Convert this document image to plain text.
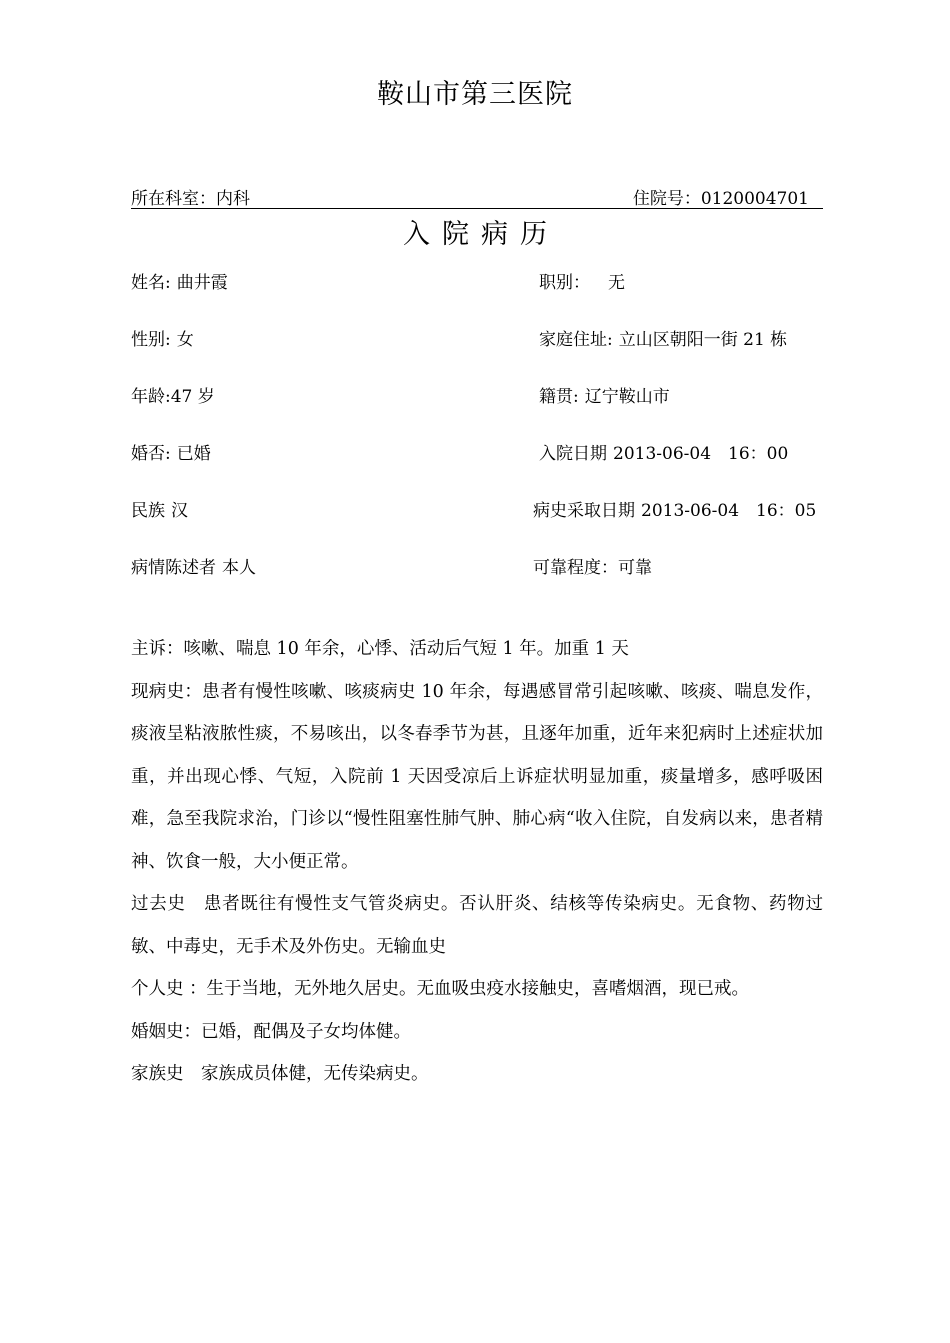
鞍山市第三医院
所在科室：内科	住院号：0120004701
入院病历
姓名: 曲井霞
性别: 女
年龄:47 岁
婚否: 已婚
民族 汉
病情陈述者 本人
职别： 无
家庭住址: 立山区朝阳一街 21 栋
籍贯: 辽宁鞍山市
入院日期 2013-06-04　16：00
病史采取日期 2013-06-04　16：05
可靠程度：可靠

主诉：咳嗽、喘息 10 年余，心悸、活动后气短 1 年。加重 1 天

现病史：患者有慢性咳嗽、咳痰病史 10 年余，每遇感冒常引起咳嗽、咳痰、喘息发作，痰液呈粘液脓性痰，不易咳出，以冬春季节为甚，且逐年加重，近年来犯病时上述症状加重，并出现心悸、气短，入院前 1 天因受凉后上诉症状明显加重，痰量增多，感呼吸困难，急至我院求治，门诊以“慢性阻塞性肺气肿、肺心病“收入住院，自发病以来，患者精神、饮食一般，大小便正常。

过去史　患者既往有慢性支气管炎病史。否认肝炎、结核等传染病史。无食物、药物过敏、中毒史，无手术及外伤史。无输血史

个人史 ：生于当地，无外地久居史。无血吸虫疫水接触史，喜嗜烟酒，现已戒。

婚姻史：已婚，配偶及子女均体健。

家族史　家族成员体健，无传染病史。
